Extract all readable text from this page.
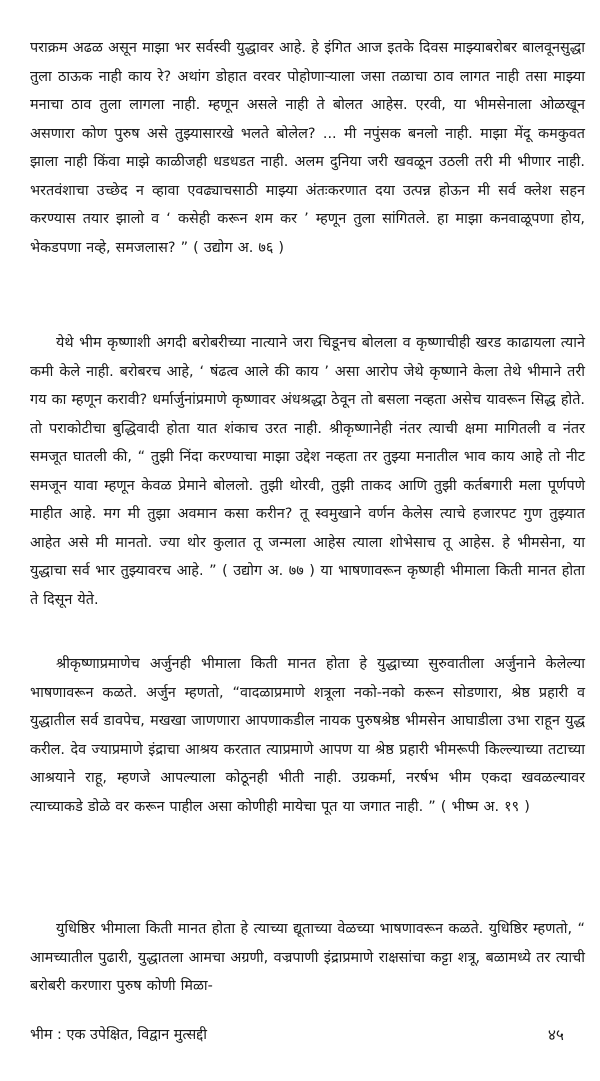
पराक्रम अढळ असून माझा भर सर्वस्वी युद्धावर आहे. हे इंगित आज इतके दिवस माझ्याबरोबर बालवूनसुद्धा तुला ठाऊक नाही काय रे? अथांग डोहात वरवर पोहोणाऱ्याला जसा तळाचा ठाव लागत नाही तसा माझ्या मनाचा ठाव तुला लागला नाही. म्हणून असले नाही ते बोलत आहेस. एरवी, या भीमसेनाला ओळखून असणारा कोण पुरुष असे तुझ्यासारखे भलते बोलेल? ... मी नपुंसक बनलो नाही. माझा मेंदू कमकुवत झाला नाही किंवा माझे काळीजही धडधडत नाही. अलम दुनिया जरी खवळून उठली तरी मी भीणार नाही. भरतवंशाचा उच्छेद न व्हावा एवढ्याचसाठी माझ्या अंतःकरणात दया उत्पन्न होऊन मी सर्व क्लेश सहन करण्यास तयार झालो व ‘ कसेही करून शम कर ’ म्हणून तुला सांगितले. हा माझा कनवाळूपणा होय, भेकडपणा नव्हे, समजलास? ” ( उद्योग अ. ७६ )

येथे भीम कृष्णाशी अगदी बरोबरीच्या नात्याने जरा चिडूनच बोलला व कृष्णाचीही खरड काढायला त्याने कमी केले नाही. बरोबरच आहे, ‘ षंढत्व आले की काय ’ असा आरोप जेथे कृष्णाने केला तेथे भीमाने तरी गय का म्हणून करावी? धर्मार्जुनांप्रमाणे कृष्णावर अंधश्रद्धा ठेवून तो बसला नव्हता असेच यावरून सिद्ध होते. तो पराकोटीचा बुद्धिवादी होता यात शंकाच उरत नाही. श्रीकृष्णानेही नंतर त्याची क्षमा मागितली व नंतर समजूत घातली की, “ तुझी निंदा करण्याचा माझा उद्देश नव्हता तर तुझ्या मनातील भाव काय आहे तो नीट समजून यावा म्हणून केवळ प्रेमाने बोललो. तुझी थोरवी, तुझी ताकद आणि तुझी कर्तबगारी मला पूर्णपणे माहीत आहे. मग मी तुझा अवमान कसा करीन? तू स्वमुखाने वर्णन केलेस त्याचे हजारपट गुण तुझ्यात आहेत असे मी मानतो. ज्या थोर कुलात तू जन्मला आहेस त्याला शोभेसाच तू आहेस. हे भीमसेना, या युद्धाचा सर्व भार तुझ्यावरच आहे. ” ( उद्योग अ. ७७ ) या भाषणावरून कृष्णही भीमाला किती मानत होता ते दिसून येते.

श्रीकृष्णाप्रमाणेच अर्जुनही भीमाला किती मानत होता हे युद्धाच्या सुरुवातीला अर्जुनाने केलेल्या भाषणावरून कळते. अर्जुन म्हणतो, “वादळाप्रमाणे शत्रूला नको-नको करून सोडणारा, श्रेष्ठ प्रहारी व युद्धातील सर्व डावपेच, मखखा जाणणारा आपणाकडील नायक पुरुषश्रेष्ठ भीमसेन आघाडीला उभा राहून युद्ध करील. देव ज्याप्रमाणे इंद्राचा आश्रय करतात त्याप्रमाणे आपण या श्रेष्ठ प्रहारी भीमरूपी किल्ल्याच्या तटाच्या आश्रयाने राहू, म्हणजे आपल्याला कोठूनही भीती नाही. उग्रकर्मा, नरर्षभ भीम एकदा खवळल्यावर त्याच्याकडे डोळे वर करून पाहील असा कोणीही मायेचा पूत या जगात नाही. ” ( भीष्म अ. १९ )

युधिष्ठिर भीमाला किती मानत होता हे त्याच्या द्यूताच्या वेळच्या भाषणावरून कळते. युधिष्ठिर म्हणतो, “ आमच्यातील पुढारी, युद्धातला आमचा अग्रणी, वज्रपाणी इंद्राप्रमाणे राक्षसांचा कट्टा शत्रू, बळामध्ये तर त्याची बरोबरी करणारा पुरुष कोणी मिळा-

भीम : एक उपेक्षित, विद्वान मुत्सद्दी	४५
